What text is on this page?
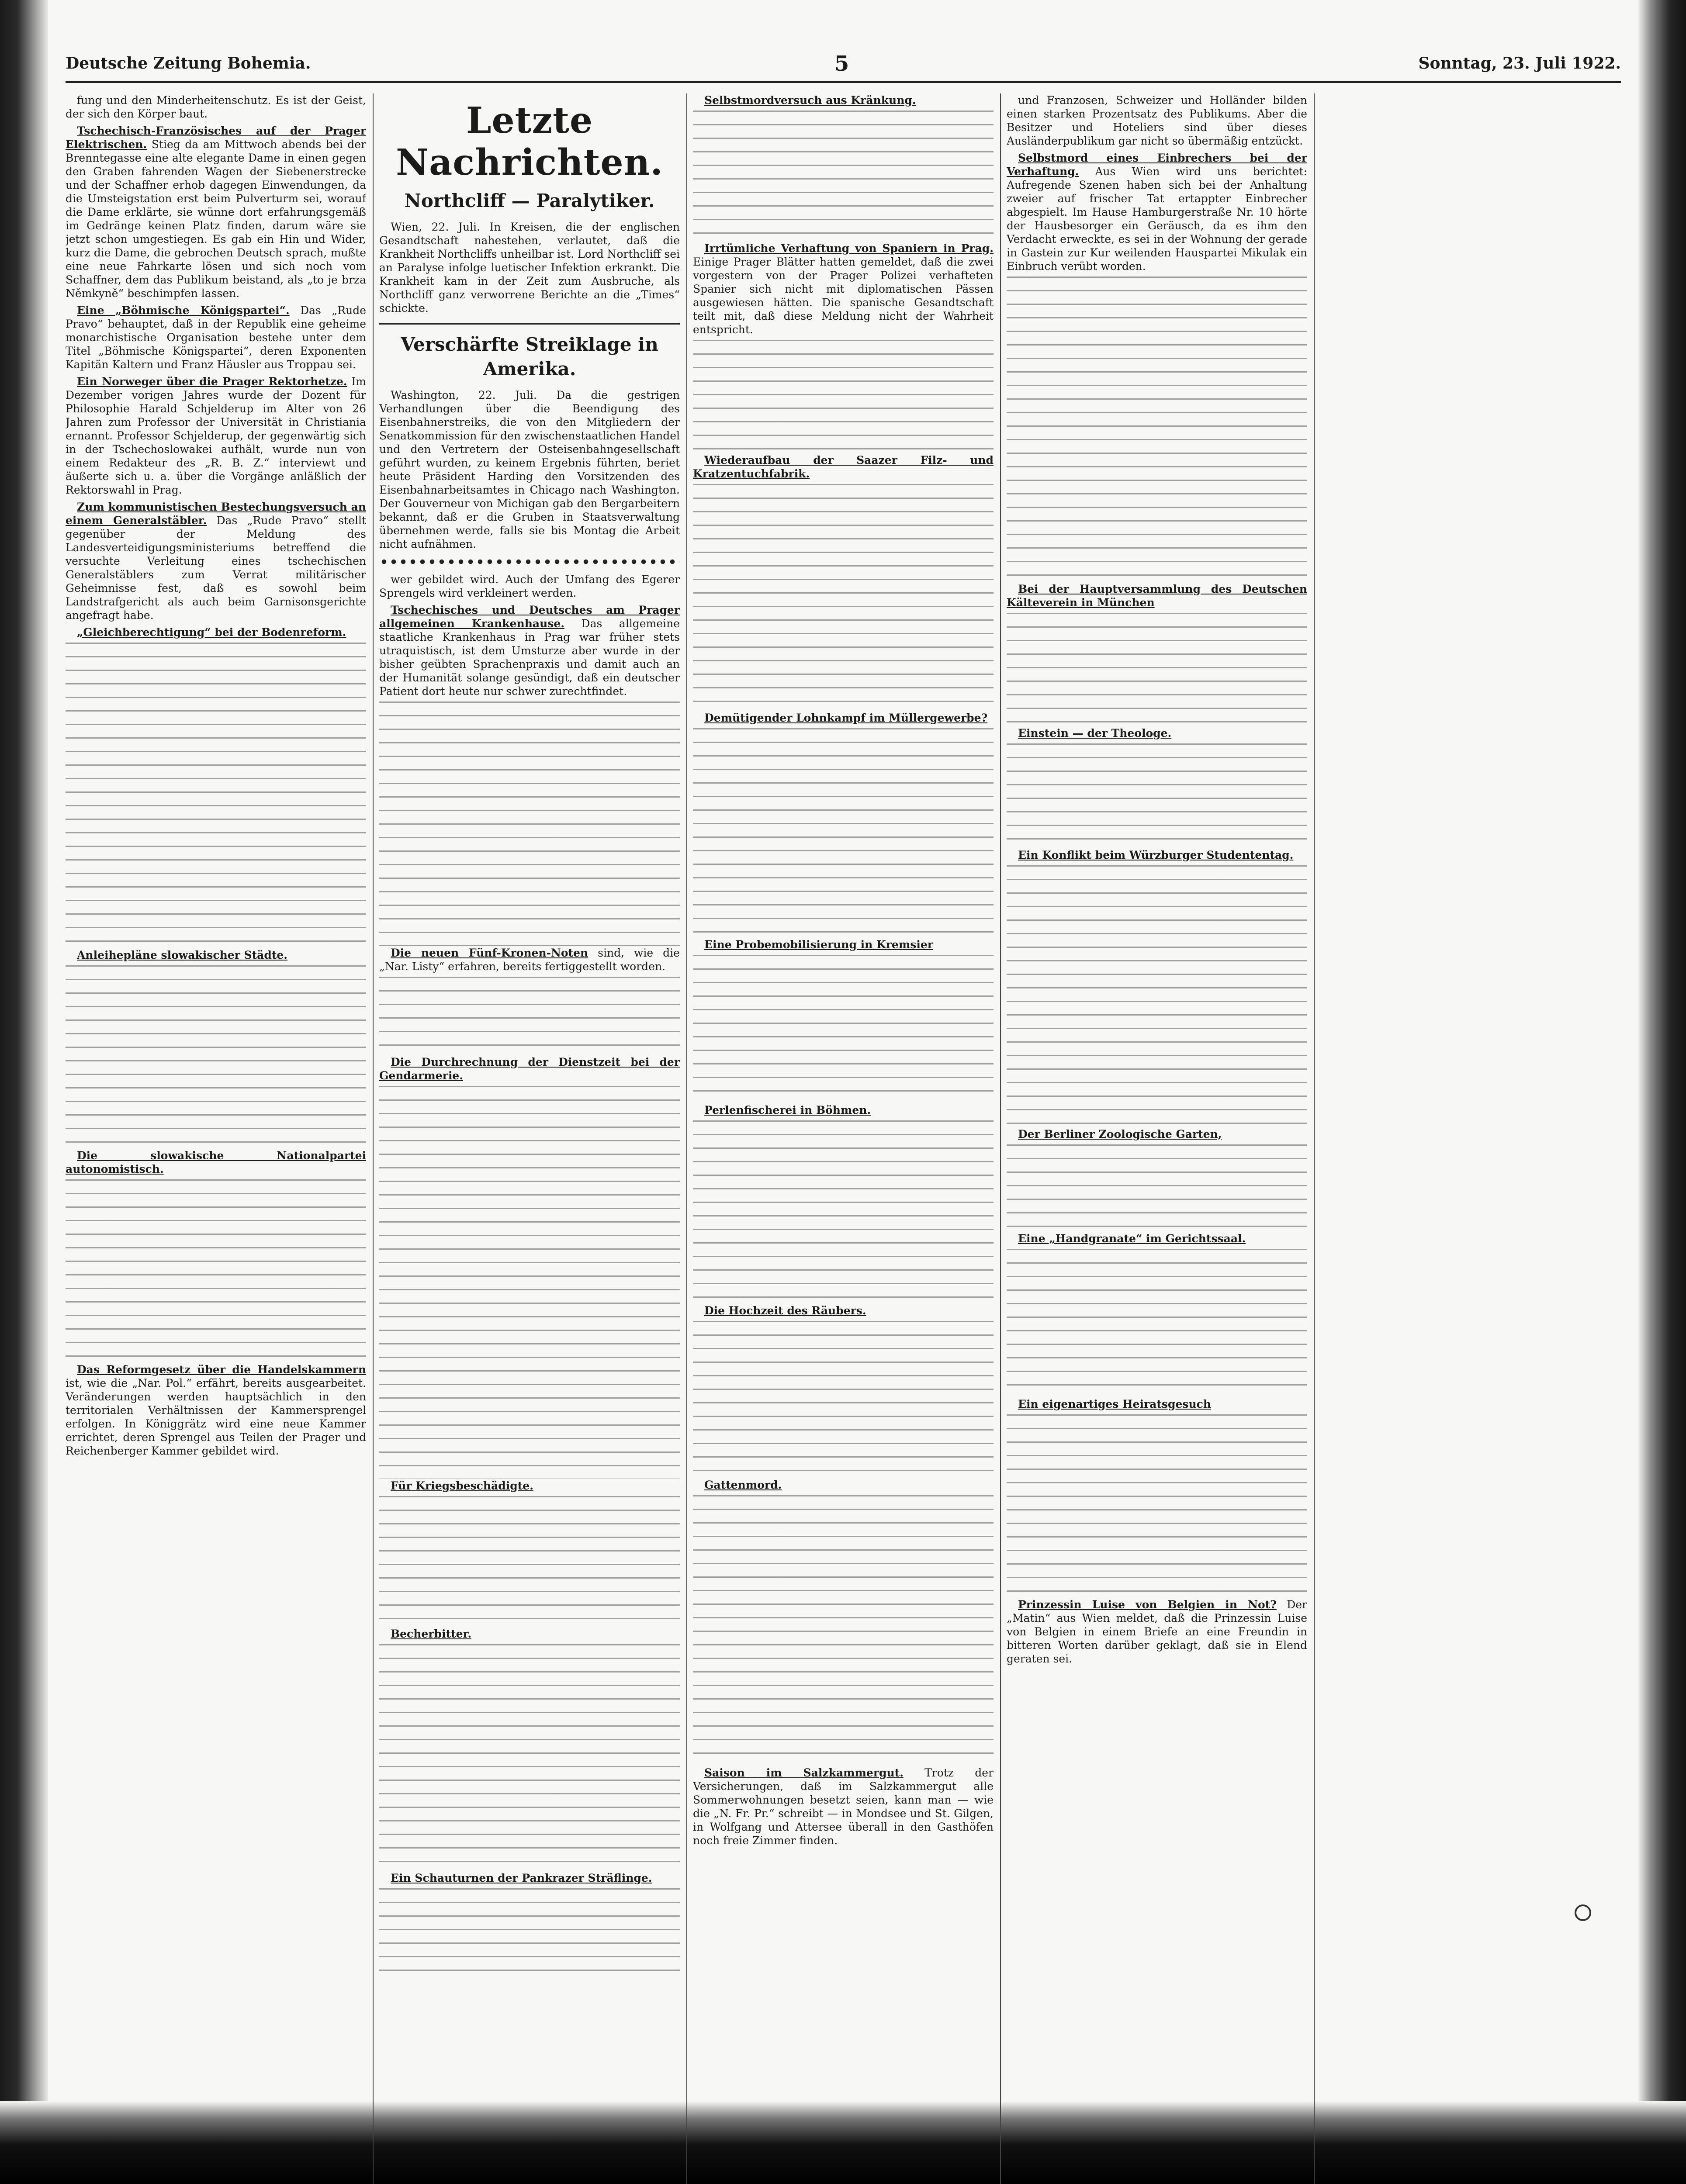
Deutsche Zeitung Bohemia.	5	Sonntag, 23. Juli 1922.

fung und den Minderheitenschutz. Es ist der Geist, der sich den Körper baut.

Tschechisch-Französisches auf der Prager Elektrischen. Stieg da am Mittwoch abends bei der Brenntegasse eine alte elegante Dame in einen gegen den Graben fahrenden Wagen der Siebenerstrecke und der Schaffner erhob dagegen Einwendungen, da die Umsteigstation erst beim Pulverturm sei, worauf die Dame erklärte, sie wünne dort erfahrungsgemäß im Gedränge keinen Platz finden, darum wäre sie jetzt schon umgestiegen. Es gab ein Hin und Wider, kurz die Dame, die gebrochen Deutsch sprach, mußte eine neue Fahrkarte lösen und sich noch vom Schaffner, dem das Publikum beistand, als „to je brza Němkyně“ beschimpfen lassen.

Eine „Böhmische Königspartei“. Das „Rude Pravo“ behauptet, daß in der Republik eine geheime monarchistische Organisation bestehe unter dem Titel „Böhmische Königspartei“, deren Exponenten Kapitän Kaltern und Franz Häusler aus Troppau sei.

Ein Norweger über die Prager Rektorhetze. Im Dezember vorigen Jahres wurde der Dozent für Philosophie Harald Schjelderup im Alter von 26 Jahren zum Professor der Universität in Christiania ernannt. Professor Schjelderup, der gegenwärtig sich in der Tschechoslowakei aufhält, wurde nun von einem Redakteur des „R. B. Z.“ interviewt und äußerte sich u. a. über die Vorgänge anläßlich der Rektorswahl in Prag.

Zum kommunistischen Bestechungsversuch an einem Generalstäbler. Das „Rude Pravo“ stellt gegenüber der Meldung des Landesverteidigungsministeriums betreffend die versuchte Verleitung eines tschechischen Generalstäblers zum Verrat militärischer Geheimnisse fest, daß es sowohl beim Landstrafgericht als auch beim Garnisonsgerichte angefragt habe.

„Gleichberechtigung“ bei der Bodenreform.

Anleihepläne slowakischer Städte.

Die slowakische Nationalpartei autonomistisch.

Das Reformgesetz über die Handelskammern ist, wie die „Nar. Pol.“ erfährt, bereits ausgearbeitet. Veränderungen werden hauptsächlich in den territorialen Verhältnissen der Kammersprengel erfolgen. In Königgrätz wird eine neue Kammer errichtet, deren Sprengel aus Teilen der Prager und Reichenberger Kammer gebildet wird.

Letzte Nachrichten.
Northcliff — Paralytiker.

Wien, 22. Juli. In Kreisen, die der englischen Gesandtschaft nahestehen, verlautet, daß die Krankheit Northcliffs unheilbar ist. Lord Northcliff sei an Paralyse infolge luetischer Infektion erkrankt. Die Krankheit kam in der Zeit zum Ausbruche, als Northcliff ganz verworrene Berichte an die „Times“ schickte.

Verschärfte Streiklage in Amerika.

Washington, 22. Juli. Da die gestrigen Verhandlungen über die Beendigung des Eisenbahnerstreiks, die von den Mitgliedern der Senatkommission für den zwischenstaatlichen Handel und den Vertretern der Osteisenbahngesellschaft geführt wurden, zu keinem Ergebnis führten, beriet heute Präsident Harding den Vorsitzenden des Eisenbahnarbeitsamtes in Chicago nach Washington. Der Gouverneur von Michigan gab den Bergarbeitern bekannt, daß er die Gruben in Staatsverwaltung übernehmen werde, falls sie bis Montag die Arbeit nicht aufnähmen.

wer gebildet wird. Auch der Umfang des Egerer Sprengels wird verkleinert werden.

Tschechisches und Deutsches am Prager allgemeinen Krankenhause. Das allgemeine staatliche Krankenhaus in Prag war früher stets utraquistisch, ist dem Umsturze aber wurde in der bisher geübten Sprachenpraxis und damit auch an der Humanität solange gesündigt, daß ein deutscher Patient dort heute nur schwer zurechtfindet.

Die neuen Fünf-Kronen-Noten sind, wie die „Nar. Listy“ erfahren, bereits fertiggestellt worden.

Die Durchrechnung der Dienstzeit bei der Gendarmerie.

Für Kriegsbeschädigte.

Becherbitter.

Ein Schauturnen der Pankrazer Sträflinge.

Selbstmordversuch aus Kränkung.

Irrtümliche Verhaftung von Spaniern in Prag. Einige Prager Blätter hatten gemeldet, daß die zwei vorgestern von der Prager Polizei verhafteten Spanier sich nicht mit diplomatischen Pässen ausgewiesen hätten. Die spanische Gesandtschaft teilt mit, daß diese Meldung nicht der Wahrheit entspricht.

Wiederaufbau der Saazer Filz- und Kratzentuchfabrik.

Demütigender Lohnkampf im Müllergewerbe?

Eine Probemobilisierung in Kremsier

Perlenfischerei in Böhmen.

Die Hochzeit des Räubers.

Gattenmord.

Saison im Salzkammergut. Trotz der Versicherungen, daß im Salzkammergut alle Sommerwohnungen besetzt seien, kann man — wie die „N. Fr. Pr.“ schreibt — in Mondsee und St. Gilgen, in Wolfgang und Attersee überall in den Gasthöfen noch freie Zimmer finden.

und Franzosen, Schweizer und Holländer bilden einen starken Prozentsatz des Publikums. Aber die Besitzer und Hoteliers sind über dieses Ausländerpublikum gar nicht so übermäßig entzückt.

Selbstmord eines Einbrechers bei der Verhaftung. Aus Wien wird uns berichtet: Aufregende Szenen haben sich bei der Anhaltung zweier auf frischer Tat ertappter Einbrecher abgespielt. Im Hause Hamburgerstraße Nr. 10 hörte der Hausbesorger ein Geräusch, da es ihm den Verdacht erweckte, es sei in der Wohnung der gerade in Gastein zur Kur weilenden Hauspartei Mikulak ein Einbruch verübt worden.

Bei der Hauptversammlung des Deutschen Kälteverein in München

Einstein — der Theologe.

Ein Konflikt beim Würzburger Studententag.

Der Berliner Zoologische Garten,

Eine „Handgranate“ im Gerichtssaal.

Ein eigenartiges Heiratsgesuch

Prinzessin Luise von Belgien in Not? Der „Matin“ aus Wien meldet, daß die Prinzessin Luise von Belgien in einem Briefe an eine Freundin in bitteren Worten darüber geklagt, daß sie in Elend geraten sei.
